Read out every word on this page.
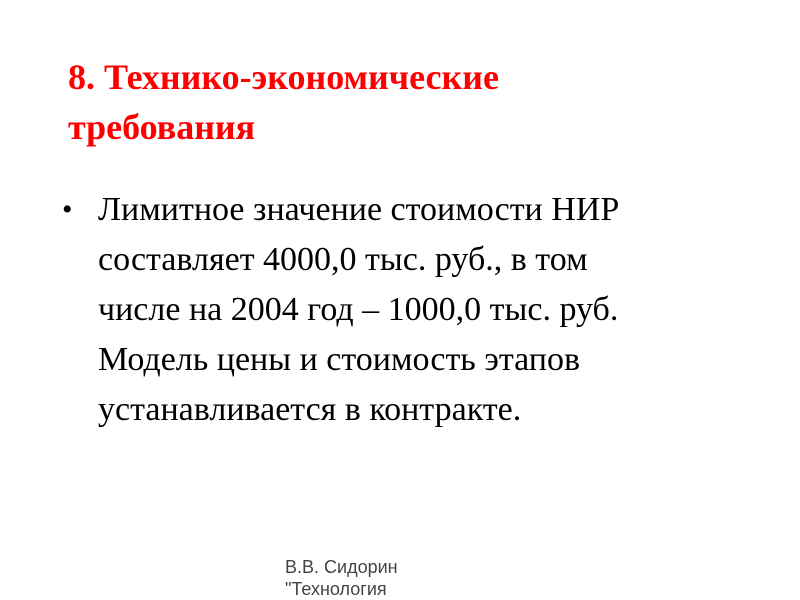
8. Технико-экономические
требования
• Лимитное значение стоимости НИР
составляет 4000,0 тыс. руб., в том
числе на 2004 год – 1000,0 тыс. руб.
Модель цены и стоимость этапов
устанавливается в контракте.
В.В. Сидорин
"Технология
